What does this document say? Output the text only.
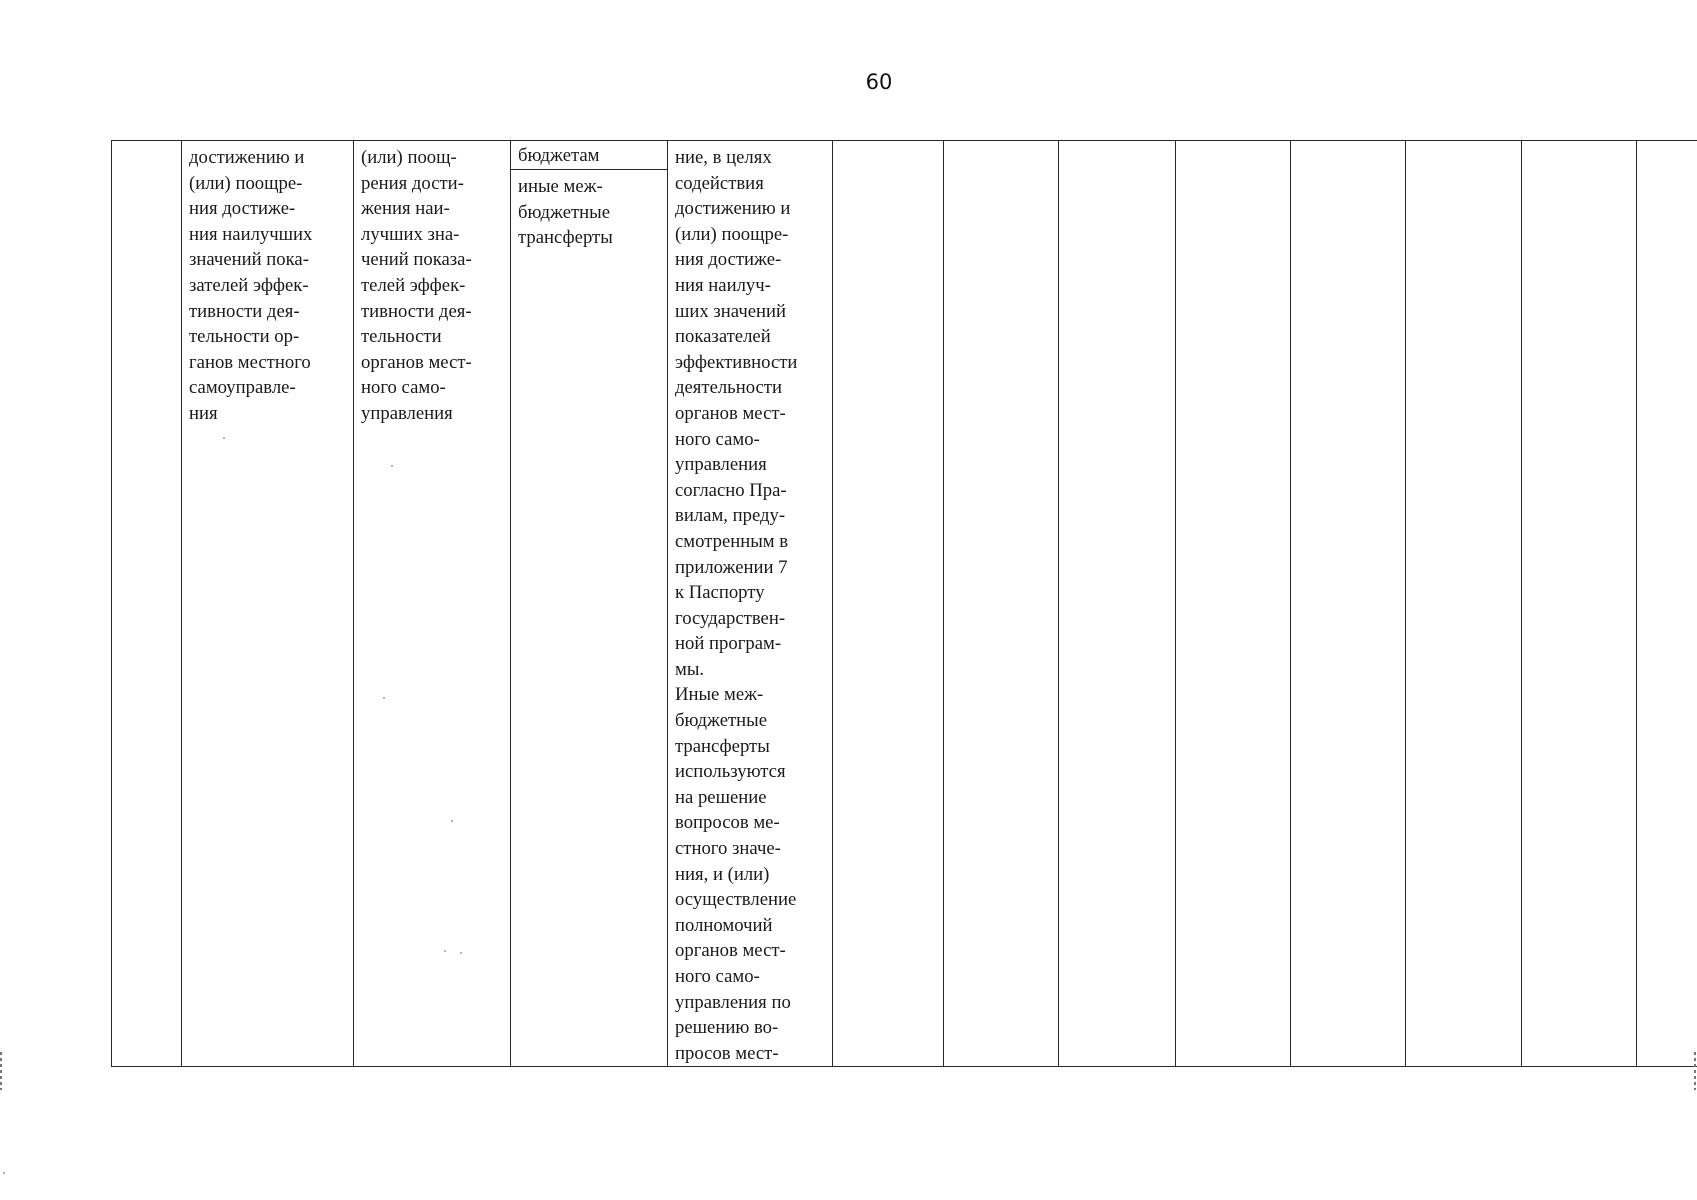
60

достижению и
(или) поощре-
ния достиже-
ния наилучших
значений пока-
зателей эффек-
тивности дея-
тельности ор-
ганов местного
самоуправле-
ния

(или) поощ-
рения дости-
жения наи-
лучших зна-
чений показа-
телей эффек-
тивности дея-
тельности
органов мест-
ного само-
управления

бюджетам
иные меж-
бюджетные
трансферты

ние, в целях
содействия
достижению и
(или) поощре-
ния достиже-
ния наилуч-
ших значений
показателей
эффективности
деятельности
органов мест-
ного само-
управления
согласно Пра-
вилам, преду-
смотренным в
приложении 7
к Паспорту
государствен-
ной програм-
мы.
Иные меж-
бюджетные
трансферты
используются
на решение
вопросов ме-
стного значе-
ния, и (или)
осуществление
полномочий
органов мест-
ного само-
управления по
решению во-
просов мест-
